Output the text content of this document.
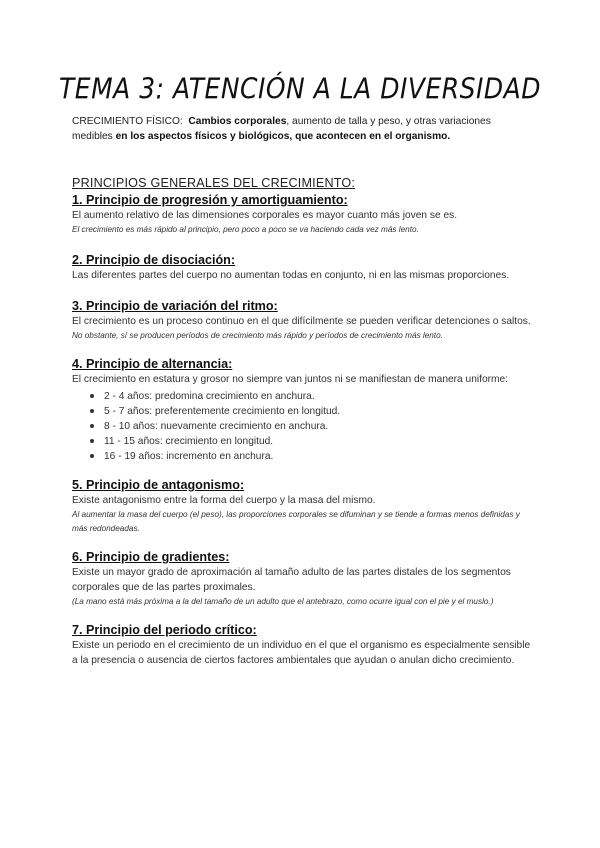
TEMA 3: ATENCIÓN A LA DIVERSIDAD

CRECIMIENTO FÍSICO: Cambios corporales, aumento de talla y peso, y otras variaciones medibles en los aspectos físicos y biológicos, que acontecen en el organismo.

PRINCIPIOS GENERALES DEL CRECIMIENTO:
1. Principio de progresión y amortiguamiento:

El aumento relativo de las dimensiones corporales es mayor cuanto más joven se es.

El crecimiento es más rápido al principio, pero poco a poco se va haciendo cada vez más lento.

2. Principio de disociación:

Las diferentes partes del cuerpo no aumentan todas en conjunto, ni en las mismas proporciones.

3. Principio de variación del ritmo:

El crecimiento es un proceso continuo en el que difícilmente se pueden verificar detenciones o saltos.

No obstante, sí se producen períodos de crecimiento más rápido y períodos de crecimiento más lento.

4. Principio de alternancia:

El crecimiento en estatura y grosor no siempre van juntos ni se manifiestan de manera uniforme:

2 - 4 años: predomina crecimiento en anchura.
5 - 7 años: preferentemente crecimiento en longitud.
8 - 10 años: nuevamente crecimiento en anchura.
11 - 15 años: crecimiento en longitud.
16 - 19 años: incremento en anchura.
5. Principio de antagonismo:

Existe antagonismo entre la forma del cuerpo y la masa del mismo.

Al aumentar la masa del cuerpo (el peso), las proporciones corporales se difuminan y se tiende a formas menos definidas y más redondeadas.

6. Principio de gradientes:

Existe un mayor grado de aproximación al tamaño adulto de las partes distales de los segmentos corporales que de las partes proximales.

(La mano está más próxima a la del tamaño de un adulto que el antebrazo, como ocurre igual con el pie y el muslo.)

7. Principio del periodo crítico:

Existe un periodo en el crecimiento de un individuo en el que el organismo es especialmente sensible a la presencia o ausencia de ciertos factores ambientales que ayudan o anulan dicho crecimiento.
